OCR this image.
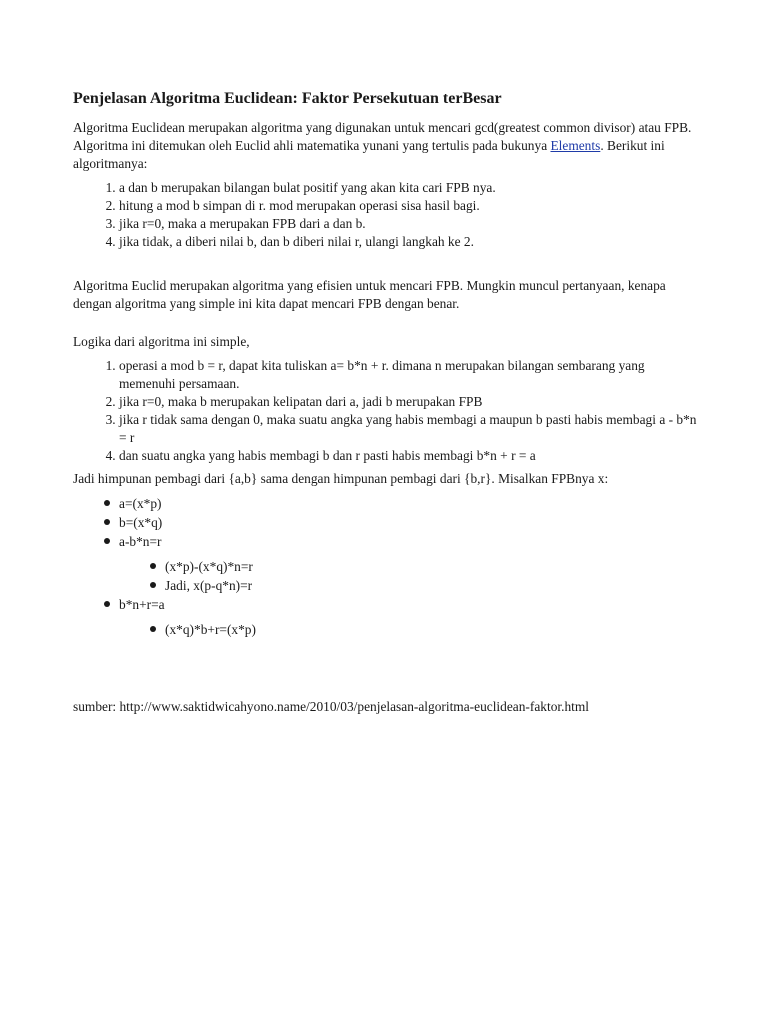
Penjelasan Algoritma Euclidean: Faktor Persekutuan terBesar

Algoritma Euclidean merupakan algoritma yang digunakan untuk mencari gcd(greatest common divisor) atau FPB. Algoritma ini ditemukan oleh Euclid ahli matematika yunani yang tertulis pada bukunya Elements. Berikut ini algoritmanya:

1. a dan b merupakan bilangan bulat positif yang akan kita cari FPB nya.
2. hitung a mod b simpan di r. mod merupakan operasi sisa hasil bagi.
3. jika r=0, maka a merupakan FPB dari a dan b.
4. jika tidak, a diberi nilai b, dan b diberi nilai r, ulangi langkah ke 2.

Algoritma Euclid merupakan algoritma yang efisien untuk mencari FPB. Mungkin muncul pertanyaan, kenapa dengan algoritma yang simple ini kita dapat mencari FPB dengan benar.

Logika dari algoritma ini simple,

1. operasi a mod b = r, dapat kita tuliskan a= b*n + r. dimana n merupakan bilangan sembarang yang memenuhi persamaan.
2. jika r=0, maka b merupakan kelipatan dari a, jadi b merupakan FPB
3. jika r tidak sama dengan 0, maka suatu angka yang habis membagi a maupun b pasti habis membagi a - b*n = r
4. dan suatu angka yang habis membagi b dan r pasti habis membagi b*n + r = a

Jadi himpunan pembagi dari {a,b} sama dengan himpunan pembagi dari {b,r}. Misalkan FPBnya x:

a=(x*p)
b=(x*q)
a-b*n=r
(x*p)-(x*q)*n=r
Jadi, x(p-q*n)=r
b*n+r=a
(x*q)*b+r=(x*p)

sumber: http://www.saktidwicahyono.name/2010/03/penjelasan-algoritma-euclidean-faktor.html
